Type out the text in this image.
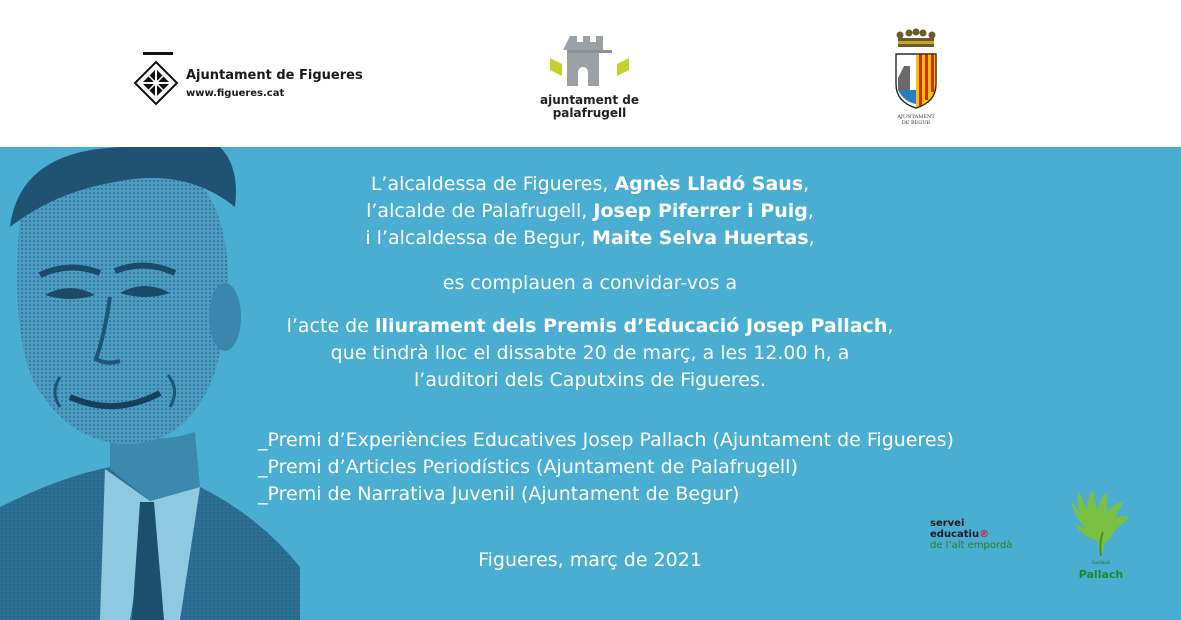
Ajuntament de Figueres
www.figueres.cat	ajuntament de
palafrugell	AJUNTAMENT
DE BEGUR
L’alcaldessa de Figueres, Agnès Lladó Saus,
l’alcalde de Palafrugell, Josep Piferrer i Puig,
i l’alcaldessa de Begur, Maite Selva Huertas,
es complauen a convidar-vos a
l’acte de lliurament dels Premis d’Educació Josep Pallach,
que tindrà lloc el dissabte 20 de març, a les 12.00 h, a
l’auditori dels Caputxins de Figueres.
_Premi d’Experiències Educatives Josep Pallach (Ajuntament de Figueres)
_Premi d’Articles Periodístics (Ajuntament de Palafrugell)
_Premi de Narrativa Juvenil (Ajuntament de Begur)
Figueres, març de 2021
servei
educatiu®
de l’alt empordà
Fundació
Pallach
